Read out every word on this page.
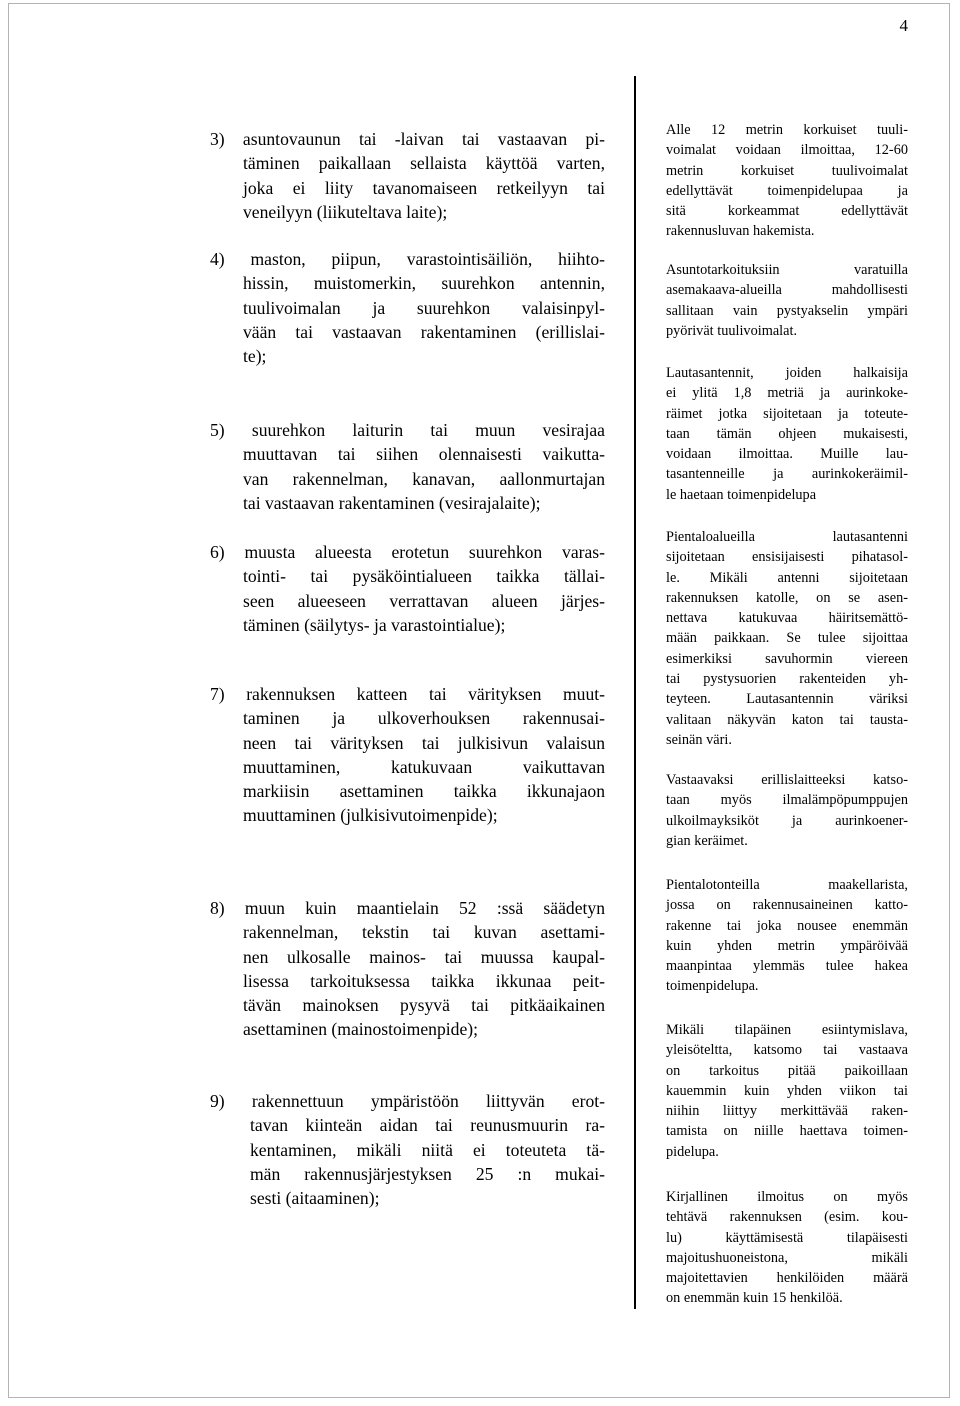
4

3) asuntovaunun tai -laivan tai vastaavan pi-
täminen paikallaan sellaista käyttöä varten,
joka ei liity tavanomaiseen retkeilyyn tai
veneilyyn (liikuteltava laite);

4) maston, piipun, varastointisäiliön, hiihto-
hissin, muistomerkin, suurehkon antennin,
tuulivoimalan ja suurehkon valaisinpyl-
vään tai vastaavan rakentaminen (erillislai-
te);

5) suurehkon laiturin tai muun vesirajaa
muuttavan tai siihen olennaisesti vaikutta-
van rakennelman, kanavan, aallonmurtajan
tai vastaavan rakentaminen (vesirajalaite);

6) muusta alueesta erotetun suurehkon varas-
tointi- tai pysäköintialueen taikka tällai-
seen alueeseen verrattavan alueen järjes-
täminen (säilytys- ja varastointialue);

7) rakennuksen katteen tai värityksen muut-
taminen ja ulkoverhouksen rakennusai-
neen tai värityksen tai julkisivun valaisun
muuttaminen, katukuvaan vaikuttavan
markiisin asettaminen taikka ikkunajaon
muuttaminen (julkisivutoimenpide);

8) muun kuin maantielain 52 :ssä säädetyn
rakennelman, tekstin tai kuvan asettami-
nen ulkosalle mainos- tai muussa kaupal-
lisessa tarkoituksessa taikka ikkunaa peit-
tävän mainoksen pysyvä tai pitkäaikainen
asettaminen (mainostoimenpide);

9) rakennettuun ympäristöön liittyvän erot-
tavan kiinteän aidan tai reunusmuurin ra-
kentaminen, mikäli niitä ei toteuteta tä-
män rakennusjärjestyksen 25 :n mukai-
sesti (aitaaminen);

Alle 12 metrin korkuiset tuuli-
voimalat voidaan ilmoittaa, 12-60
metrin korkuiset tuulivoimalat
edellyttävät toimenpidelupaa ja
sitä korkeammat edellyttävät
rakennusluvan hakemista.

Asuntotarkoituksiin varatuilla
asemakaava-alueilla mahdollisesti
sallitaan vain pystyakselin ympäri
pyörivät tuulivoimalat.

Lautasantennit, joiden halkaisija
ei ylitä 1,8 metriä ja aurinkoke-
räimet jotka sijoitetaan ja toteute-
taan tämän ohjeen mukaisesti,
voidaan ilmoittaa. Muille lau-
tasantenneille ja aurinkokeräimil-
le haetaan toimenpidelupa

Pientaloalueilla lautasantenni
sijoitetaan ensisijaisesti pihatasol-
le. Mikäli antenni sijoitetaan
rakennuksen katolle, on se asen-
nettava katukuvaa häiritsemättö-
mään paikkaan. Se tulee sijoittaa
esimerkiksi savuhormin viereen
tai pystysuorien rakenteiden yh-
teyteen. Lautasantennin väriksi
valitaan näkyvän katon tai tausta-
seinän väri.

Vastaavaksi erillislaitteeksi katso-
taan myös ilmalämpöpumppujen
ulkoilmayksiköt ja aurinkoener-
gian keräimet.

Pientalotonteilla maakellarista,
jossa on rakennusaineinen katto-
rakenne tai joka nousee enemmän
kuin yhden metrin ympäröivää
maanpintaa ylemmäs tulee hakea
toimenpidelupa.

Mikäli tilapäinen esiintymislava,
yleisöteltta, katsomo tai vastaava
on tarkoitus pitää paikoillaan
kauemmin kuin yhden viikon tai
niihin liittyy merkittävää raken-
tamista on niille haettava toimen-
pidelupa.

Kirjallinen ilmoitus on myös
tehtävä rakennuksen (esim. kou-
lu) käyttämisestä tilapäisesti
majoitushuoneistona, mikäli
majoitettavien henkilöiden määrä
on enemmän kuin 15 henkilöä.
